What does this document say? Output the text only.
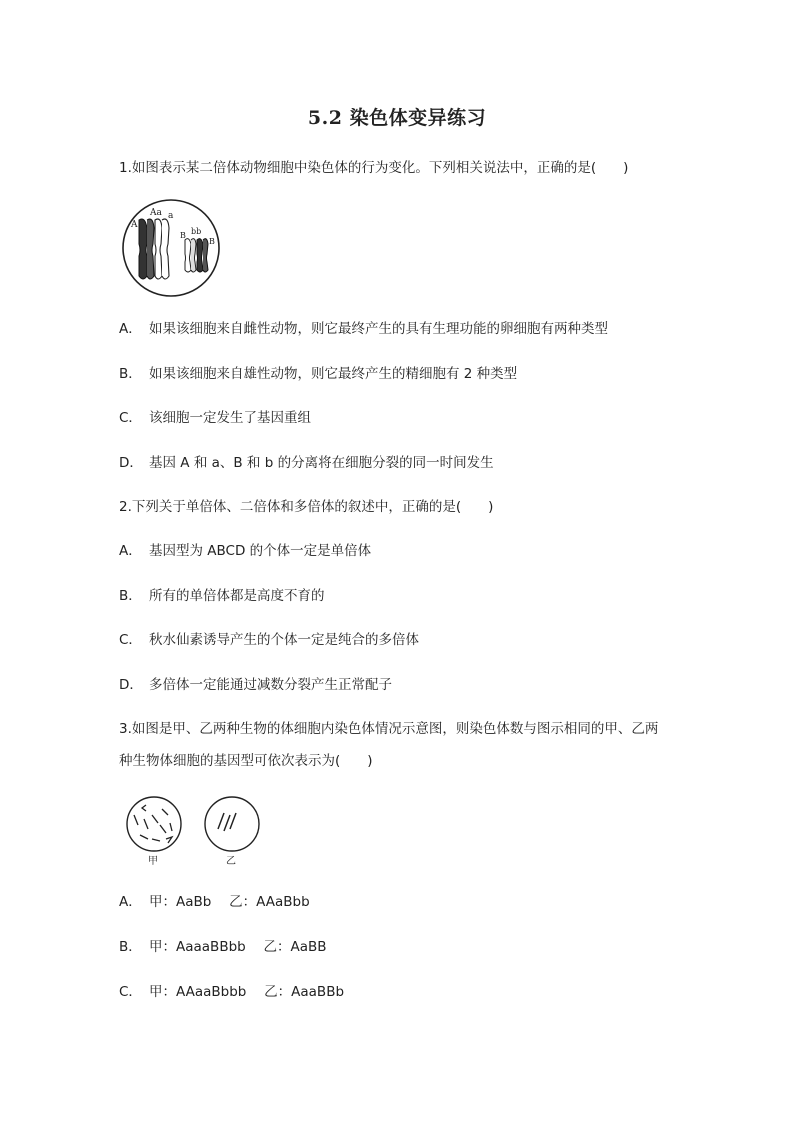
5.2 染色体变异练习
1.如图表示某二倍体动物细胞中染色体的行为变化。下列相关说法中，正确的是(　　)
A
Aa a
B bb
B
A． 如果该细胞来自雌性动物，则它最终产生的具有生理功能的卵细胞有两种类型
B． 如果该细胞来自雄性动物，则它最终产生的精细胞有 2 种类型
C． 该细胞一定发生了基因重组
D． 基因 A 和 a、B 和 b 的分离将在细胞分裂的同一时间发生
2.下列关于单倍体、二倍体和多倍体的叙述中，正确的是(　　)
A． 基因型为 ABCD 的个体一定是单倍体
B． 所有的单倍体都是高度不育的
C． 秋水仙素诱导产生的个体一定是纯合的多倍体
D． 多倍体一定能通过减数分裂产生正常配子
3.如图是甲、乙两种生物的体细胞内染色体情况示意图，则染色体数与图示相同的甲、乙两
种生物体细胞的基因型可依次表示为(　　)
甲	乙
A． 甲：AaBb　 乙：AAaBbb
B． 甲：AaaaBBbb　 乙：AaBB
C． 甲：AAaaBbbb　 乙：AaaBBb
